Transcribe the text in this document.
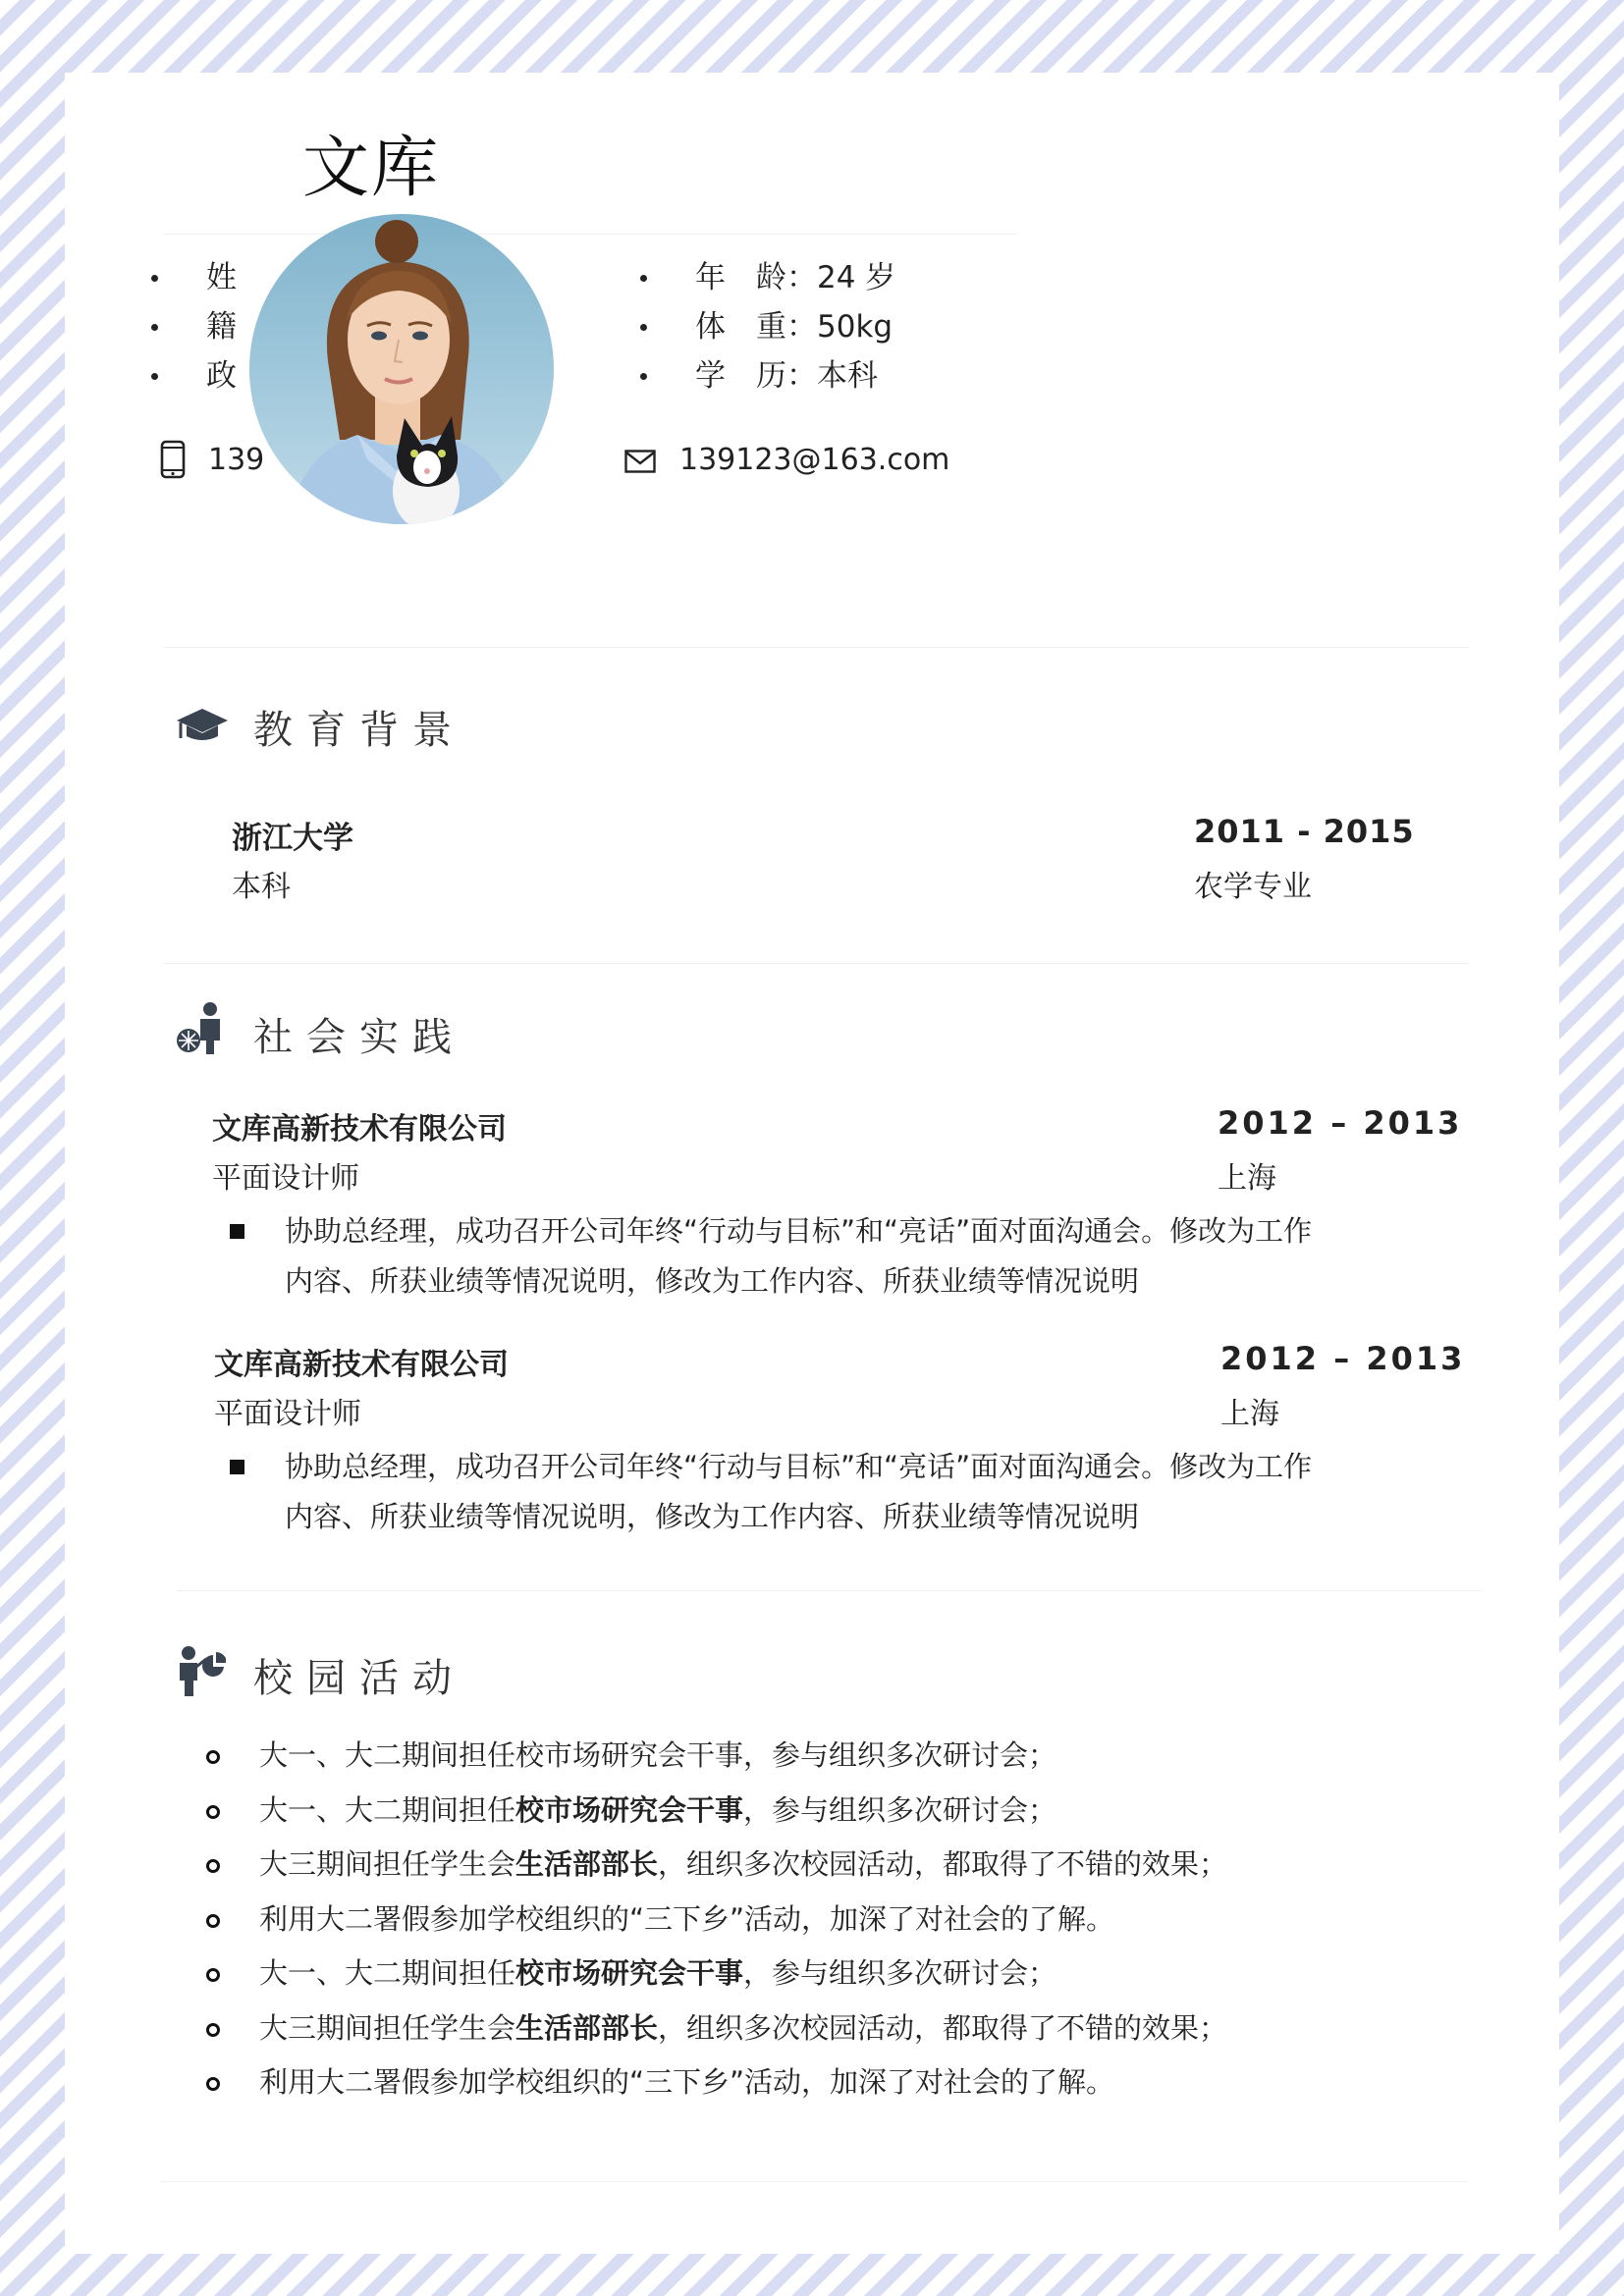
文库
姓
籍
政
年　龄：24 岁
体　重：50kg
学　历：本科
139	139123@163.com
教育背景
浙江大学
本科
2011 - 2015
农学专业
社会实践
文库高新技术有限公司
平面设计师
2012 – 2013
上海
协助总经理，成功召开公司年终“行动与目标”和“亮话”面对面沟通会。修改为工作
内容、所获业绩等情况说明，修改为工作内容、所获业绩等情况说明
文库高新技术有限公司
平面设计师
2012 – 2013
上海
协助总经理，成功召开公司年终“行动与目标”和“亮话”面对面沟通会。修改为工作
内容、所获业绩等情况说明，修改为工作内容、所获业绩等情况说明
校园活动
大一、大二期间担任校市场研究会干事，参与组织多次研讨会；
大一、大二期间担任校市场研究会干事，参与组织多次研讨会；
大三期间担任学生会生活部部长，组织多次校园活动，都取得了不错的效果；
利用大二署假参加学校组织的“三下乡”活动，加深了对社会的了解。
大一、大二期间担任校市场研究会干事，参与组织多次研讨会；
大三期间担任学生会生活部部长，组织多次校园活动，都取得了不错的效果；
利用大二署假参加学校组织的“三下乡”活动，加深了对社会的了解。
